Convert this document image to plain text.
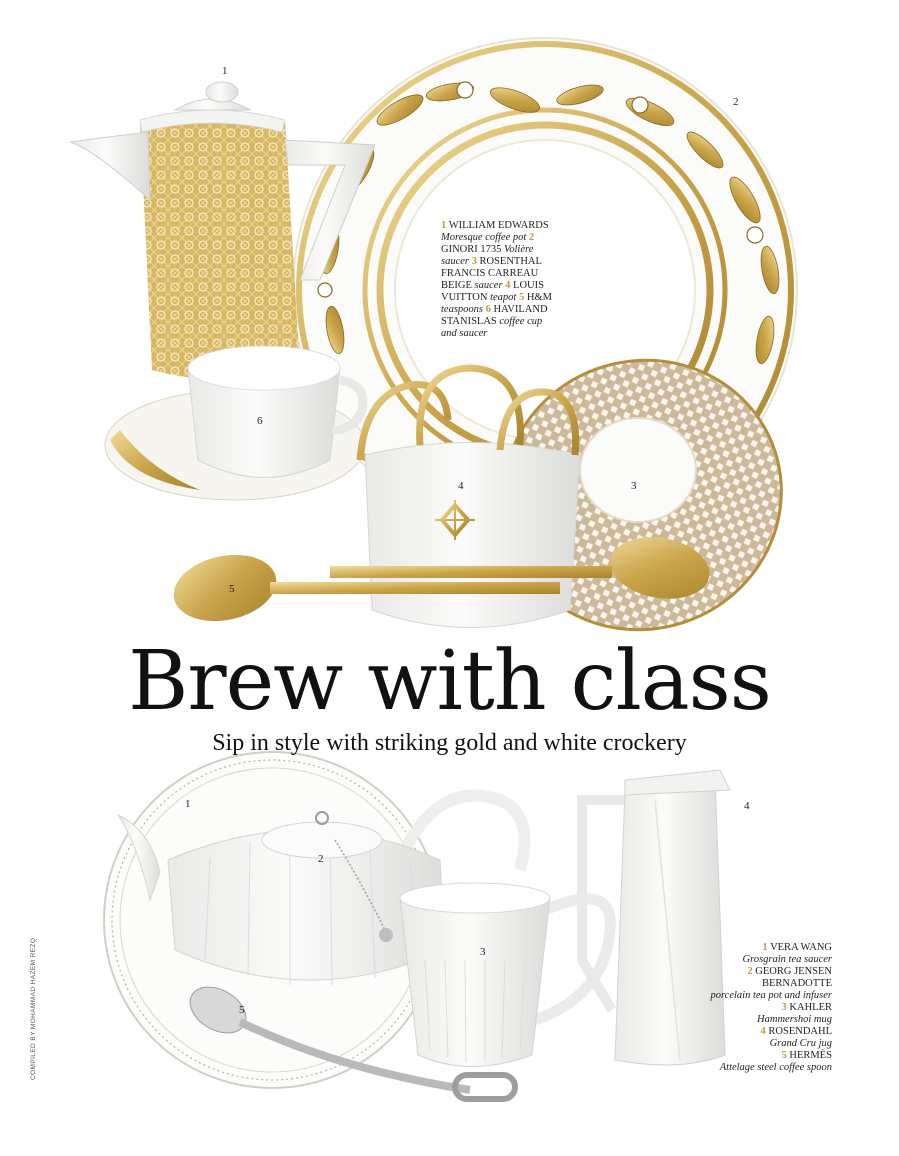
1
2
6
4	3
5
1
2
3
4
5
1 WILLIAM EDWARDS Moresque coffee pot 2 GINORI 1735 Volière saucer 3 ROSENTHAL FRANCIS CARREAU BEIGE saucer 4 LOUIS VUITTON teapot 5 H&M teaspoons 6 HAVILAND STANISLAS coffee cup and saucer
Brew with class
Sip in style with striking gold and white crockery
1 VERA WANG
Grosgrain tea saucer
2 GEORG JENSEN BERNADOTTE
porcelain tea pot and infuser
3 KAHLER
Hammershoi mug
4 ROSENDAHL
Grand Cru jug
5 HERMÈS
Attelage steel coffee spoon
COMPILED BY MOHAMMAD HAZEM REZQ
